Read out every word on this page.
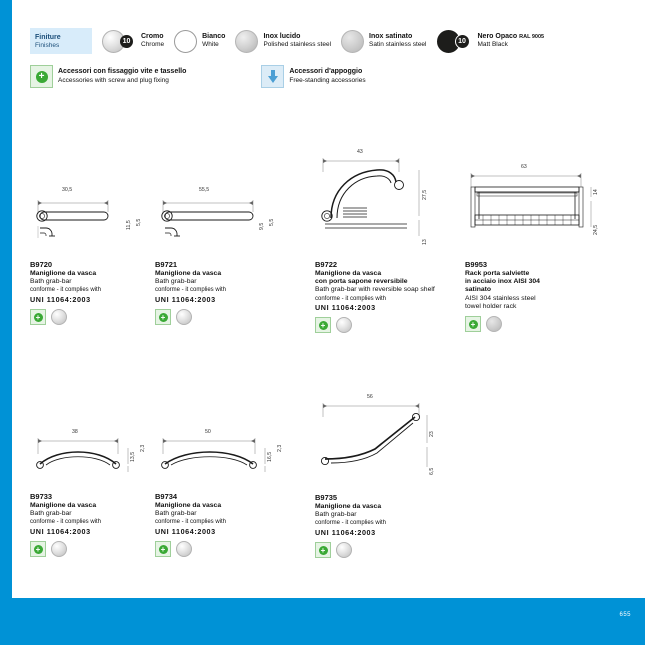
655
Finiture
Finishes
10
Cromo
Chrome
Bianco
White
Inox lucido
Polished stainless steel
Inox satinato
Satin stainless steel	10
Nero Opaco RAL 9005
Matt Black
+	Accessori con fissaggio vite e tassello
Accessories with screw and plug fixing
Accessori d'appoggio
Free-standing accessories
30,5
11,5 5,5
B9720
Maniglione da vasca
Bath grab-bar
conforme - it complies with
UNI 11064:2003
+
55,5
9,5
5,5
B9721
Maniglione da vasca
Bath grab-bar
conforme - it complies with
UNI 11064:2003
+
43
27,5
13
B9722
Maniglione da vasca
con porta sapone reversibile
Bath grab-bar with reversible soap shelf
conforme - it complies with
UNI 11064:2003
+
63
14
24,5
B9953
Rack porta salviette
in acciaio inox AISI 304
satinato
AISI 304 stainless steel
towel holder rack
+
38
13,5
2,3
B9733
Maniglione da vasca
Bath grab-bar
conforme - it complies with
UNI 11064:2003
+
50
16,5
2,3
B9734
Maniglione da vasca
Bath grab-bar
conforme - it complies with
UNI 11064:2003
+
56
23
6,5
B9735
Maniglione da vasca
Bath grab-bar
conforme - it complies with
UNI 11064:2003
+
